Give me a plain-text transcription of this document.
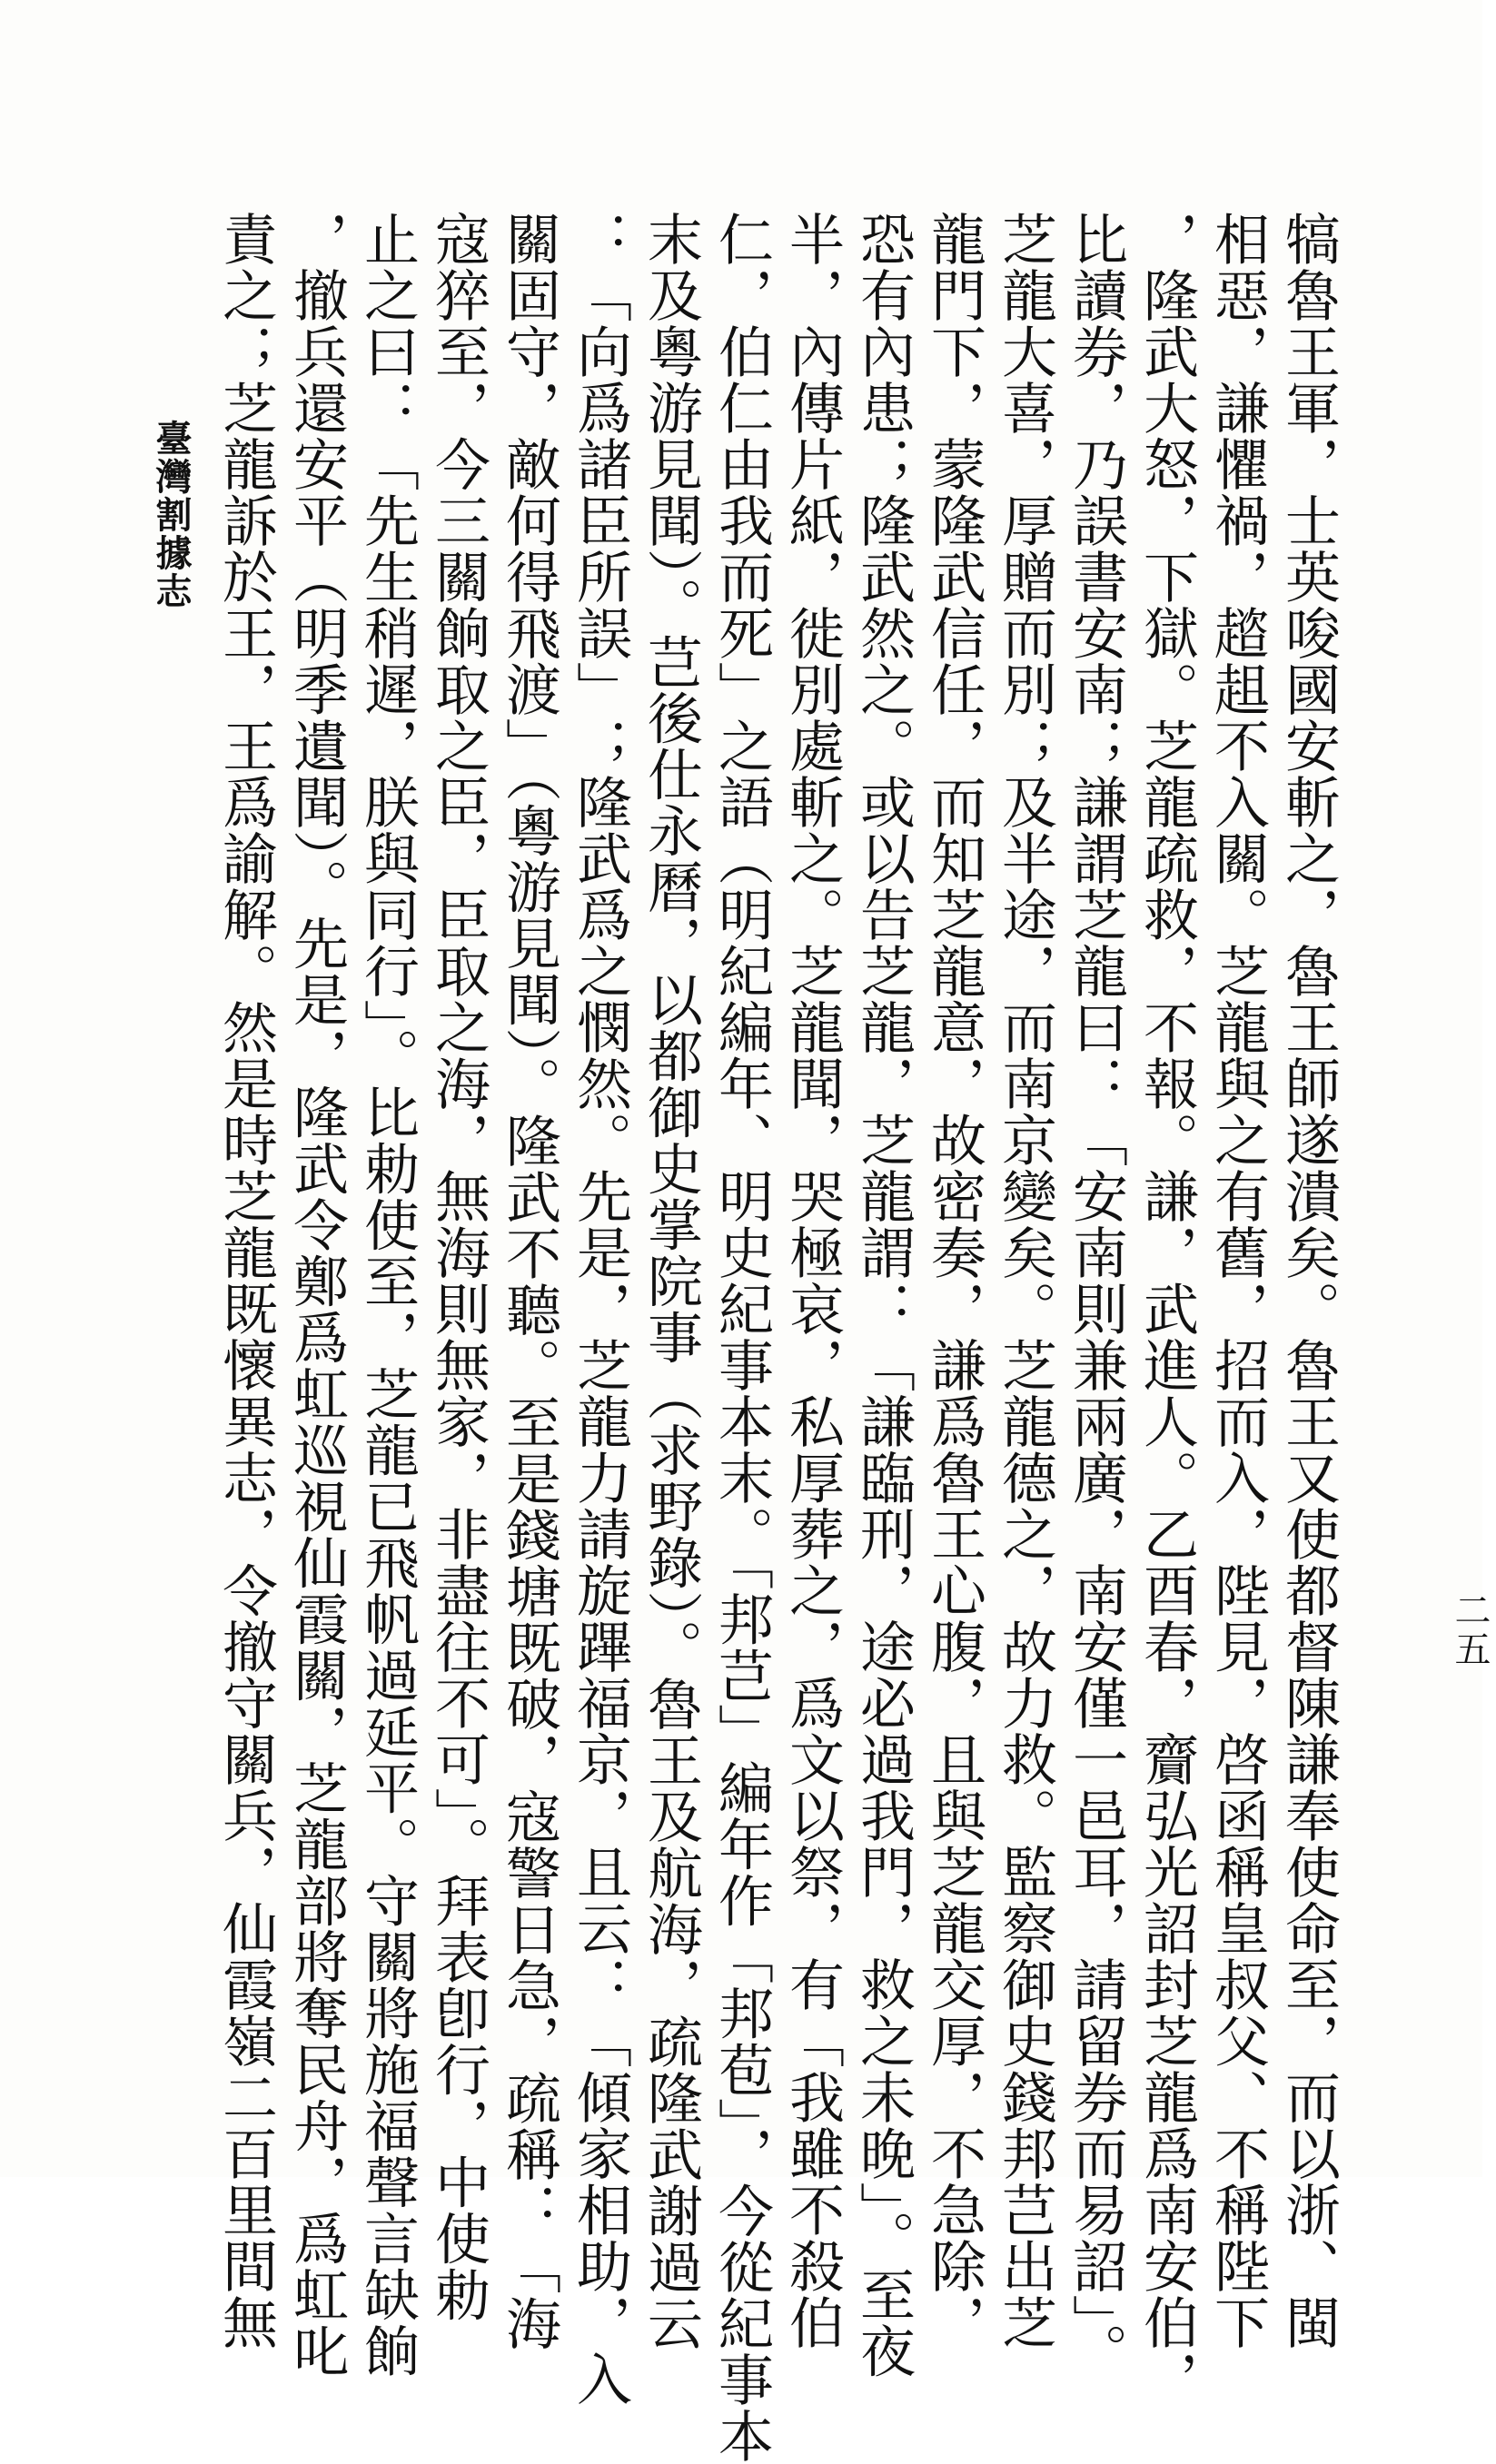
犒魯王軍，士英唆國安斬之，魯王師遂潰矣。魯王又使都督陳謙奉使命至，而以浙、閩
相惡，謙懼禍，趦趄不入關。芝龍與之有舊，招而入，陛見，啓函稱皇叔父、不稱陛下
，隆武大怒，下獄。芝龍疏救，不報。謙，武進人。乙酉春，齎弘光詔封芝龍爲南安伯，
比讀券，乃誤書安南；謙謂芝龍曰：「安南則兼兩廣，南安僅一邑耳，請留券而易詔」。
芝龍大喜，厚贈而別；及半途，而南京變矣。芝龍德之，故力救。監察御史錢邦芑出芝
龍門下，蒙隆武信任，而知芝龍意，故密奏，謙爲魯王心腹，且與芝龍交厚，不急除，
恐有內患；隆武然之。或以告芝龍，芝龍謂：「謙臨刑，途必過我門，救之未晚」。至夜
半，內傳片紙，徙別處斬之。芝龍聞，哭極哀，私厚葬之，爲文以祭，有「我雖不殺伯
仁，伯仁由我而死」之語（明紀編年、明史紀事本末。「邦芑」編年作「邦苞」，今從紀事本
末及粵游見聞）。芑後仕永曆，以都御史掌院事（求野錄）。魯王及航海，疏隆武謝過云
：「向爲諸臣所誤」；隆武爲之憫然。先是，芝龍力請旋蹕福京，且云：「傾家相助，入
關固守，敵何得飛渡」（粵游見聞）。隆武不聽。至是錢塘既破，寇警日急，疏稱：「海
寇猝至，今三關餉取之臣，臣取之海，無海則無家，非盡往不可」。拜表卽行，中使勅
止之曰：「先生稍遲，朕與同行」。比勅使至，芝龍已飛帆過延平。守關將施福聲言缺餉
，撤兵還安平（明季遺聞）。先是，隆武令鄭爲虹巡視仙霞關，芝龍部將奪民舟，爲虹叱
責之；芝龍訴於王，王爲諭解。然是時芝龍既懷異志，令撤守關兵，仙霞嶺二百里間無
臺灣割據志
二五
